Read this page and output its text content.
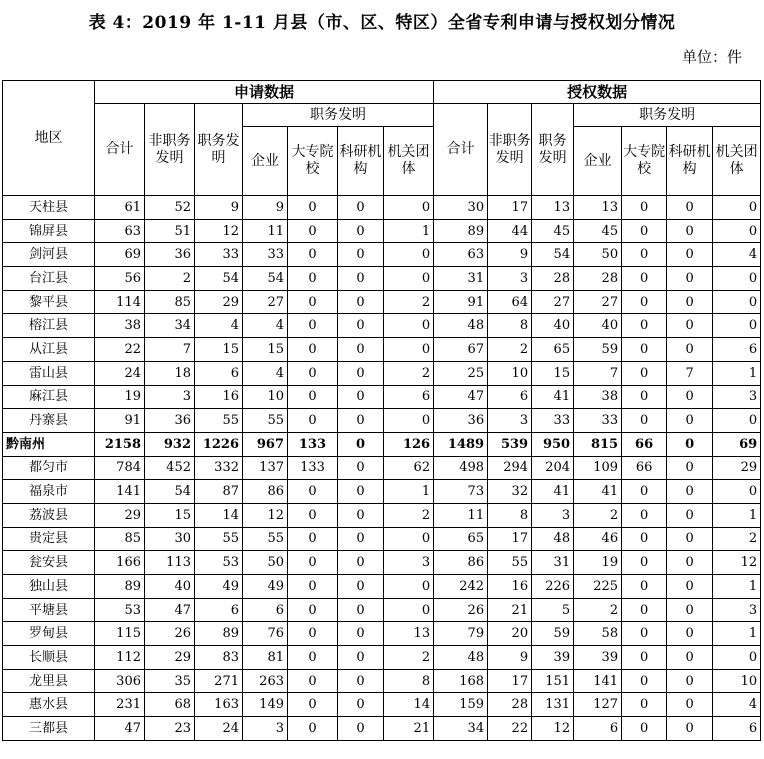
表 4：2019 年 1-11 月县（市、区、特区）全省专利申请与授权划分情况
单位：件
地区	申请数据							授权数据						
	合计	非职务发明	职务发明	职务发明				合计	非职务发明	职务发明	职务发明			
				企业	大专院校	科研机构	机关团体				企业	大专院校	科研机构	机关团体
天柱县	61	52	9	9	0	0	0	30	17	13	13	0	0	0
锦屏县	63	51	12	11	0	0	1	89	44	45	45	0	0	0
剑河县	69	36	33	33	0	0	0	63	9	54	50	0	0	4
台江县	56	2	54	54	0	0	0	31	3	28	28	0	0	0
黎平县	114	85	29	27	0	0	2	91	64	27	27	0	0	0
榕江县	38	34	4	4	0	0	0	48	8	40	40	0	0	0
从江县	22	7	15	15	0	0	0	67	2	65	59	0	0	6
雷山县	24	18	6	4	0	0	2	25	10	15	7	0	7	1
麻江县	19	3	16	10	0	0	6	47	6	41	38	0	0	3
丹寨县	91	36	55	55	0	0	0	36	3	33	33	0	0	0
黔南州	2158	932	1226	967	133	0	126	1489	539	950	815	66	0	69
都匀市	784	452	332	137	133	0	62	498	294	204	109	66	0	29
福泉市	141	54	87	86	0	0	1	73	32	41	41	0	0	0
荔波县	29	15	14	12	0	0	2	11	8	3	2	0	0	1
贵定县	85	30	55	55	0	0	0	65	17	48	46	0	0	2
瓮安县	166	113	53	50	0	0	3	86	55	31	19	0	0	12
独山县	89	40	49	49	0	0	0	242	16	226	225	0	0	1
平塘县	53	47	6	6	0	0	0	26	21	5	2	0	0	3
罗甸县	115	26	89	76	0	0	13	79	20	59	58	0	0	1
长顺县	112	29	83	81	0	0	2	48	9	39	39	0	0	0
龙里县	306	35	271	263	0	0	8	168	17	151	141	0	0	10
惠水县	231	68	163	149	0	0	14	159	28	131	127	0	0	4
三都县	47	23	24	3	0	0	21	34	22	12	6	0	0	6
